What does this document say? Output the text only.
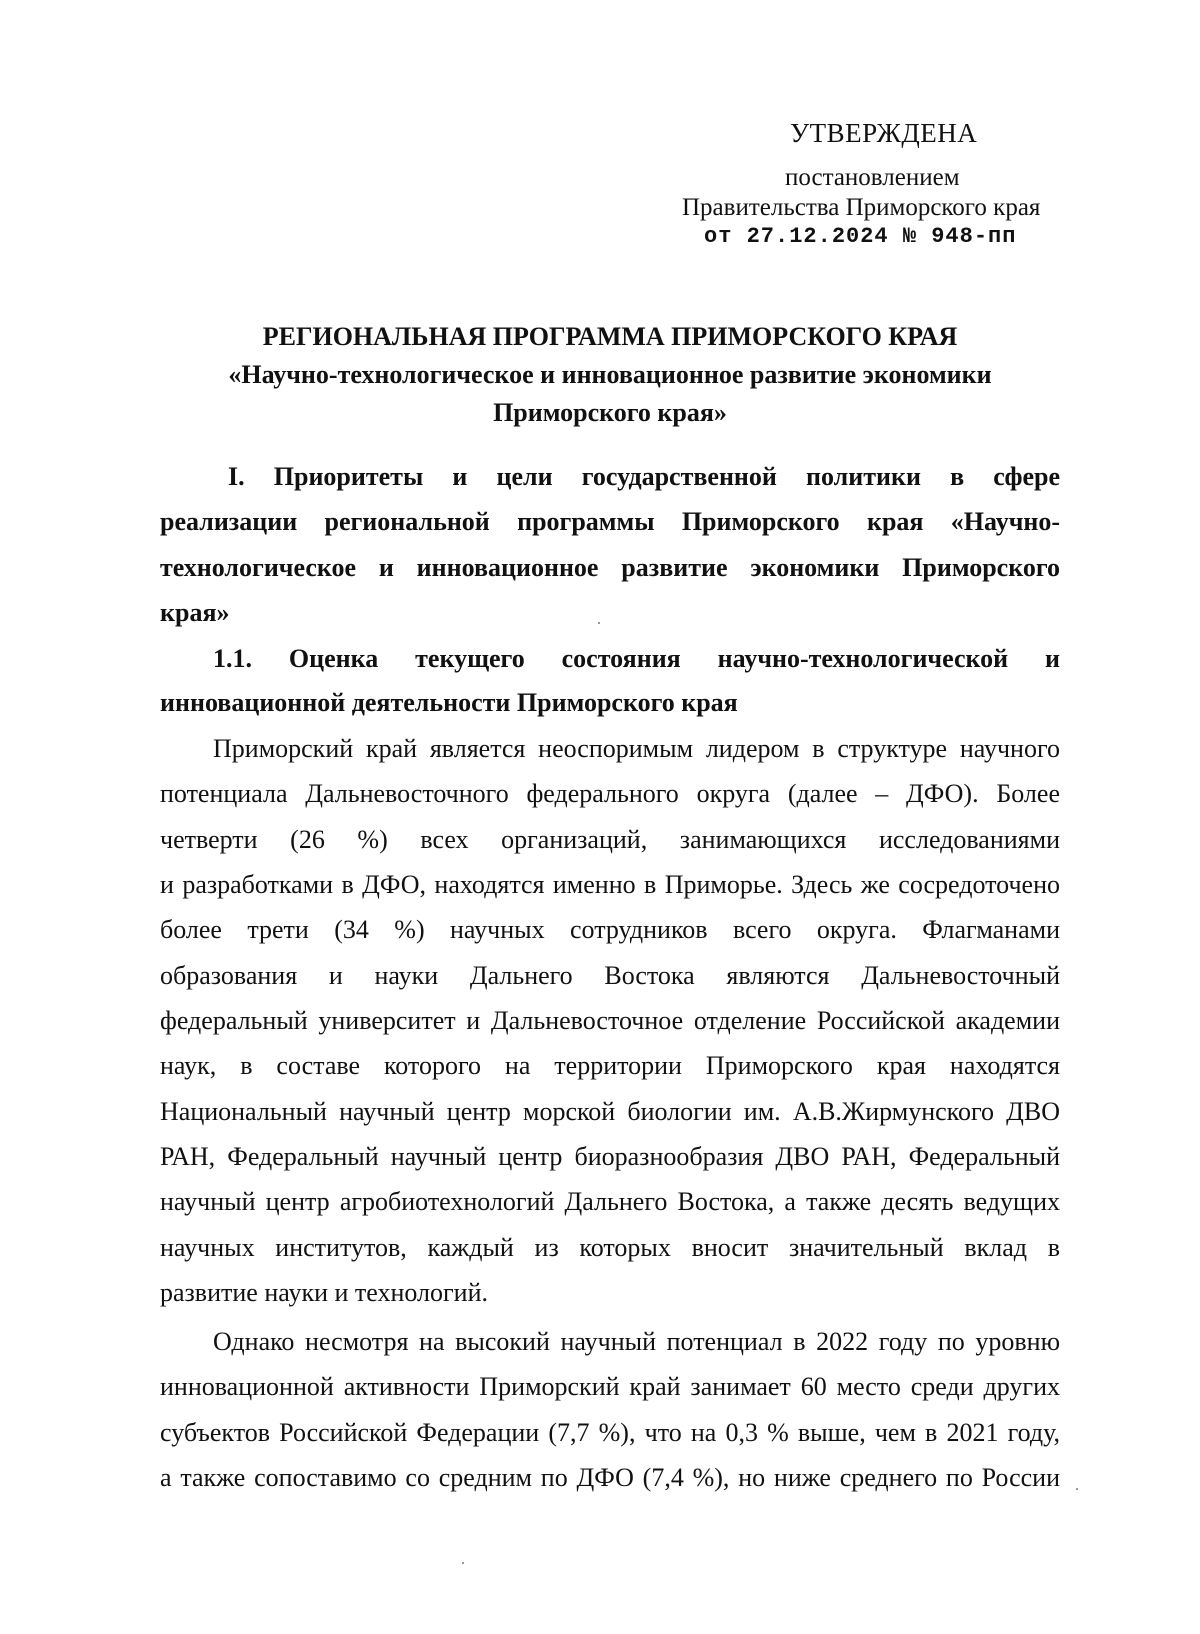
УТВЕРЖДЕНА
постановлением
Правительства Приморского края
от 27.12.2024 № 948-пп
РЕГИОНАЛЬНАЯ ПРОГРАММА ПРИМОРСКОГО КРАЯ
«Научно-технологическое и инновационное развитие экономики
Приморского края»
I. Приоритеты и цели государственной политики в сфере
реализации региональной программы Приморского края «Научно-
технологическое и инновационное развитие экономики Приморского
края»
1.1. Оценка текущего состояния научно-технологической и
инновационной деятельности Приморского края
Приморский край является неоспоримым лидером в структуре научного
потенциала Дальневосточного федерального округа (далее – ДФО). Более
четверти (26 %) всех организаций, занимающихся исследованиями
и разработками в ДФО, находятся именно в Приморье. Здесь же сосредоточено
более трети (34 %) научных сотрудников всего округа. Флагманами
образования и науки Дальнего Востока являются Дальневосточный
федеральный университет и Дальневосточное отделение Российской академии
наук, в составе которого на территории Приморского края находятся
Национальный научный центр морской биологии им. А.В.Жирмунского ДВО
РАН, Федеральный научный центр биоразнообразия ДВО РАН, Федеральный
научный центр агробиотехнологий Дальнего Востока, а также десять ведущих
научных институтов, каждый из которых вносит значительный вклад в
развитие науки и технологий.
Однако несмотря на высокий научный потенциал в 2022 году по уровню
инновационной активности Приморский край занимает 60 место среди других
субъектов Российской Федерации (7,7 %), что на 0,3 % выше, чем в 2021 году,
а также сопоставимо со средним по ДФО (7,4 %), но ниже среднего по России
